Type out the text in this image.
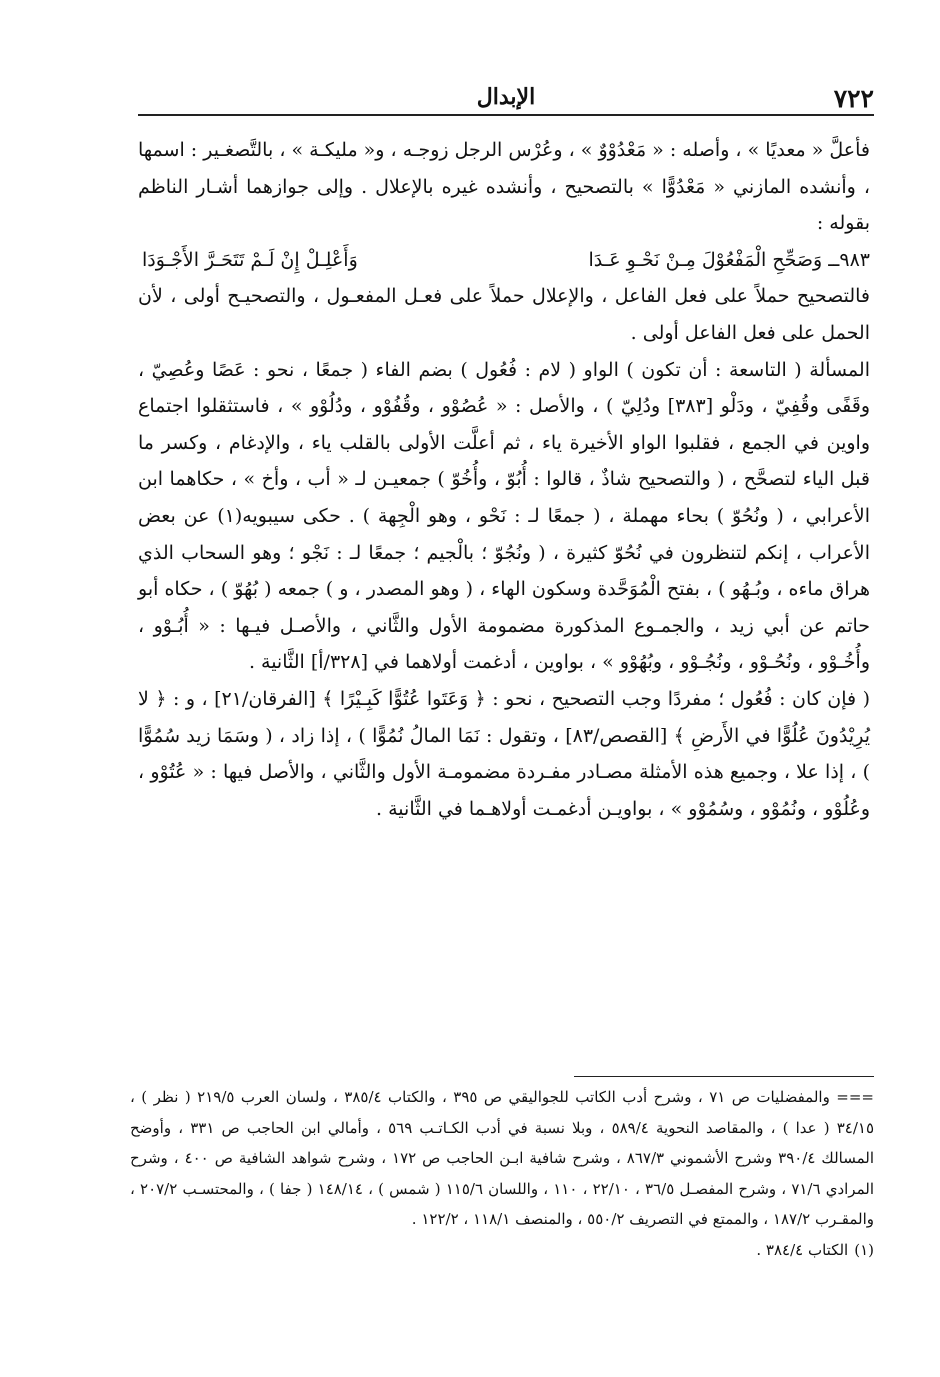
٧٢٢
الإبدال

فأعلَّ « معديًا » ، وأصله : « مَعْدُوْوٌ » ، وعُرْس الرجل زوجـه ، و« مليكـة » ، بالتَّصغـير : اسمها ، وأنشده المازني « مَعْدُوًّا » بالتصحيح ، وأنشده غيره بالإعلال . وإلى جوازهما أشـار الناظم بقوله :

٩٨٣ــ وَصَحِّحِ الْمَفْعُوْلَ مِـنْ نَحْـوِ عَـدَا
وَأَعْلِـلْ إِنْ لَـمْ تَتَحَـرَّ الأَجْـوَدَا

فالتصحيح حملاً على فعل الفاعل ، والإعلال حملاً على فعـل المفعـول ، والتصحيـح أولى ، لأن الحمل على فعل الفاعل أولى .

المسألة ( التاسعة : أن تكون ) الواو ( لام : فُعُول ) بضم الفاء ( جمعًا ، نحو : عَصًا وعُصِيّ ، وقَفًى وقُفِيّ ، ودَلْو [٣٨٣] ودُلِيّ ) ، والأصل : « عُصُوْو ، وقُفُوْو ، ودُلُوْو » ، فاستثقلوا اجتماع واوين في الجمع ، فقلبوا الواو الأخيرة ياء ، ثم أعلَّت الأولى بالقلب ياء ، والإدغام ، وكسر ما قبل الياء لتصحَّح ، ( والتصحيح شاذٌ ، قالوا : أُبُوّ ، وأُخُوّ ) جمعيـن لـ « أب ، وأخ » ، حكاهما ابن الأعرابي ، ( ونُحُوّ ) بحاء مهملة ، ( جمعًا لـ : نَحْو ، وهو الْجِهة ) . حكى سيبويه(١) عن بعض الأعراب ، إنكم لتنظرون في نُحُوّ كثيرة ، ( ونُجُوّ ؛ بالْجيم ؛ جمعًا لـ : نَجْو ؛ وهو السحاب الذي هراق ماءه ، وبُـهُو ) ، بفتح الْمُوَحَّدة وسكون الهاء ، ( وهو المصدر ، و ) جمعه ( بُهُوّ ) ، حكاه أبو حاتم عن أبي زيد ، والجمـوع المذكورة مضمومة الأول والثَّاني ، والأصـل فيـها : « أُبُـوْو ، وأُخُـوْو ، ونُحُـوْو ، ونُجُـوْو ، وبُهُوْو » ، بواوين ، أدغمت أولاهما في [٣٢٨/أ] الثَّانية .

( فإن كان : فُعُول ؛ مفردًا وجب التصحيح ، نحو : ﴿ وَعَتَوا عُتُوًّا كَبِـيْرًا ﴾ [الفرقان/٢١] ، و : ﴿ لا يُرِيْدُونَ عُلُوًّا في الأَرضِ ﴾ [القصص/٨٣] ، وتقول : نَمَا المالُ نُمُوًّا ) ، إذا زاد ، ( وسَمَا زيد سُمُوًّا ) ، إذا علا ، وجميع هذه الأمثلة مصـادر مفـردة مضمومـة الأول والثَّاني ، والأصل فيها : « عُتُوْو ، وعُلُوْو ، ونُمُوْو ، وسُمُوْو » ، بواويـن أدغمـت أولاهـما في الثَّانية .

=== والمفضليات ص ٧١ ، وشرح أدب الكاتب للجواليقي ص ٣٩٥ ، والكتاب ٣٨٥/٤ ، ولسان العرب ٢١٩/٥ ( نظر ) ، ٣٤/١٥ ( عدا ) ، والمقاصد النحوية ٥٨٩/٤ ، وبلا نسبة في أدب الكـاتـب ٥٦٩ ، وأمالي ابن الحاجب ص ٣٣١ ، وأوضح المسالك ٣٩٠/٤ وشرح الأشموني ٨٦٧/٣ ، وشرح شافية ابـن الحاجب ص ١٧٢ ، وشرح شواهد الشافية ص ٤٠٠ ، وشرح المرادي ٧١/٦ ، وشرح المفصـل ٣٦/٥ ، ٢٢/١٠ ، ١١٠ ، واللسان ١١٥/٦ ( شمس ) ، ١٤٨/١٤ ( جفا ) ، والمحتسـب ٢٠٧/٢ ، والمقـرب ١٨٧/٢ ، والممتع في التصريف ٥٥٠/٢ ، والمنصف ١١٨/١ ، ١٢٢/٢ .

(١)الكتاب ٣٨٤/٤ .
